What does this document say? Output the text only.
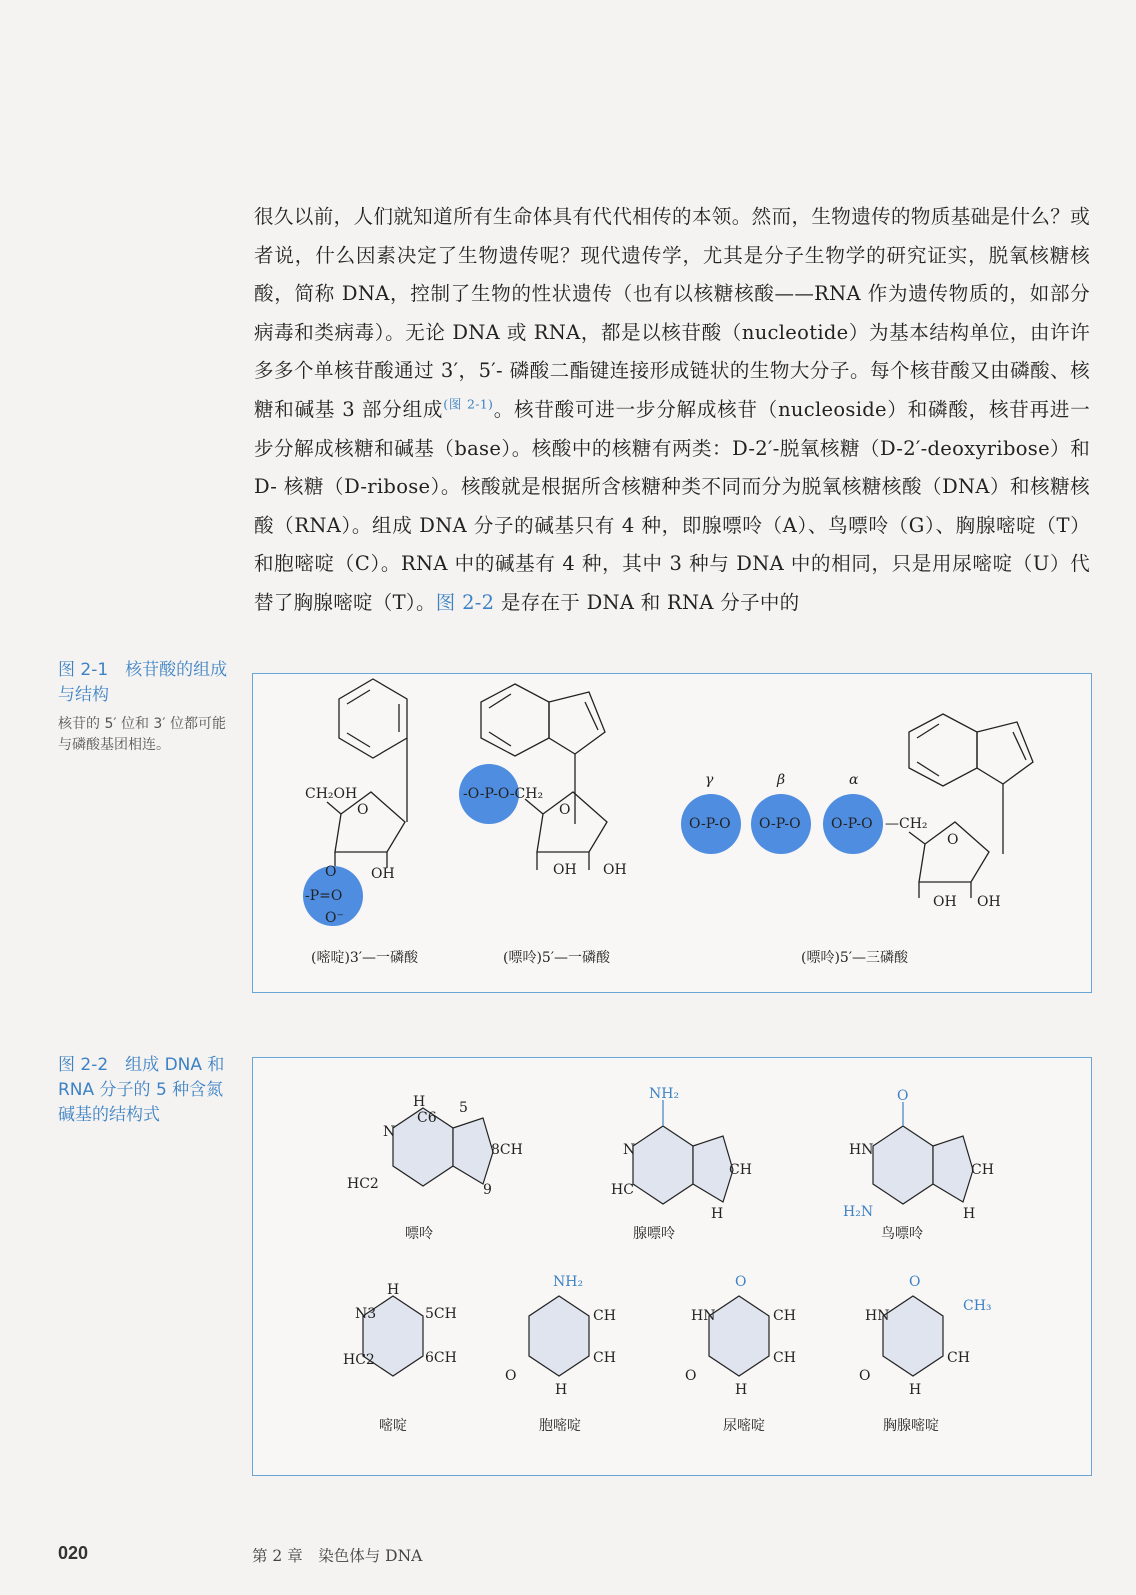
很久以前，人们就知道所有生命体具有代代相传的本领。然而，生物遗传的物质基础是什么？或者说，什么因素决定了生物遗传呢？现代遗传学，尤其是分子生物学的研究证实，脱氧核糖核酸，简称 DNA，控制了生物的性状遗传（也有以核糖核酸——RNA 作为遗传物质的，如部分病毒和类病毒）。无论 DNA 或 RNA，都是以核苷酸（nucleotide）为基本结构单位，由许许多多个单核苷酸通过 3′，5′- 磷酸二酯键连接形成链状的生物大分子。每个核苷酸又由磷酸、核糖和碱基 3 部分组成$^{(图 2-1)}$。核苷酸可进一步分解成核苷（nucleoside）和磷酸，核苷再进一步分解成核糖和碱基（base）。核酸中的核糖有两类：D-2′-脱氧核糖（D-2′-deoxyribose）和 D- 核糖（D-ribose）。核酸就是根据所含核糖种类不同而分为脱氧核糖核酸（DNA）和核糖核酸（RNA）。组成 DNA 分子的碱基只有 4 种，即腺嘌呤（A）、鸟嘌呤（G）、胸腺嘧啶（T）和胞嘧啶（C）。RNA 中的碱基有 4 种，其中 3 种与 DNA 中的相同，只是用尿嘧啶（U）代替了胸腺嘧啶（T）。图 2-2 是存在于 DNA 和 RNA 分子中的

图 2-1　核苷酸的组成与结构

核苷的 5′ 位和 3′ 位都可能与磷酸基团相连。

CH₂OH
O
OH
O
-P=O
O⁻
-O-P-O-CH₂
O
OH OH
γ	β	α
O-P-O O-P-O O-P-O —CH₂
O
OH OH
(嘧啶)3′—一磷酸	(嘌呤)5′—一磷酸	(嘌呤)5′—三磷酸

图 2-2　组成 DNA 和 RNA 分子的 5 种含氮碱基的结构式

N
H
C6
5
8CH
HC2	9
NH₂
N
CH
HC
H
O
HN
CH
H₂N	H
嘌呤	腺嘌呤	鸟嘌呤
H
N3	5CH
HC2	6CH
NH₂
CH
CH
O
H
O
HN	CH
CH
O
H
O
HN
CH₃
CH
O
H
嘧啶	胞嘧啶	尿嘧啶	胸腺嘧啶
020	第 2 章　染色体与 DNA
